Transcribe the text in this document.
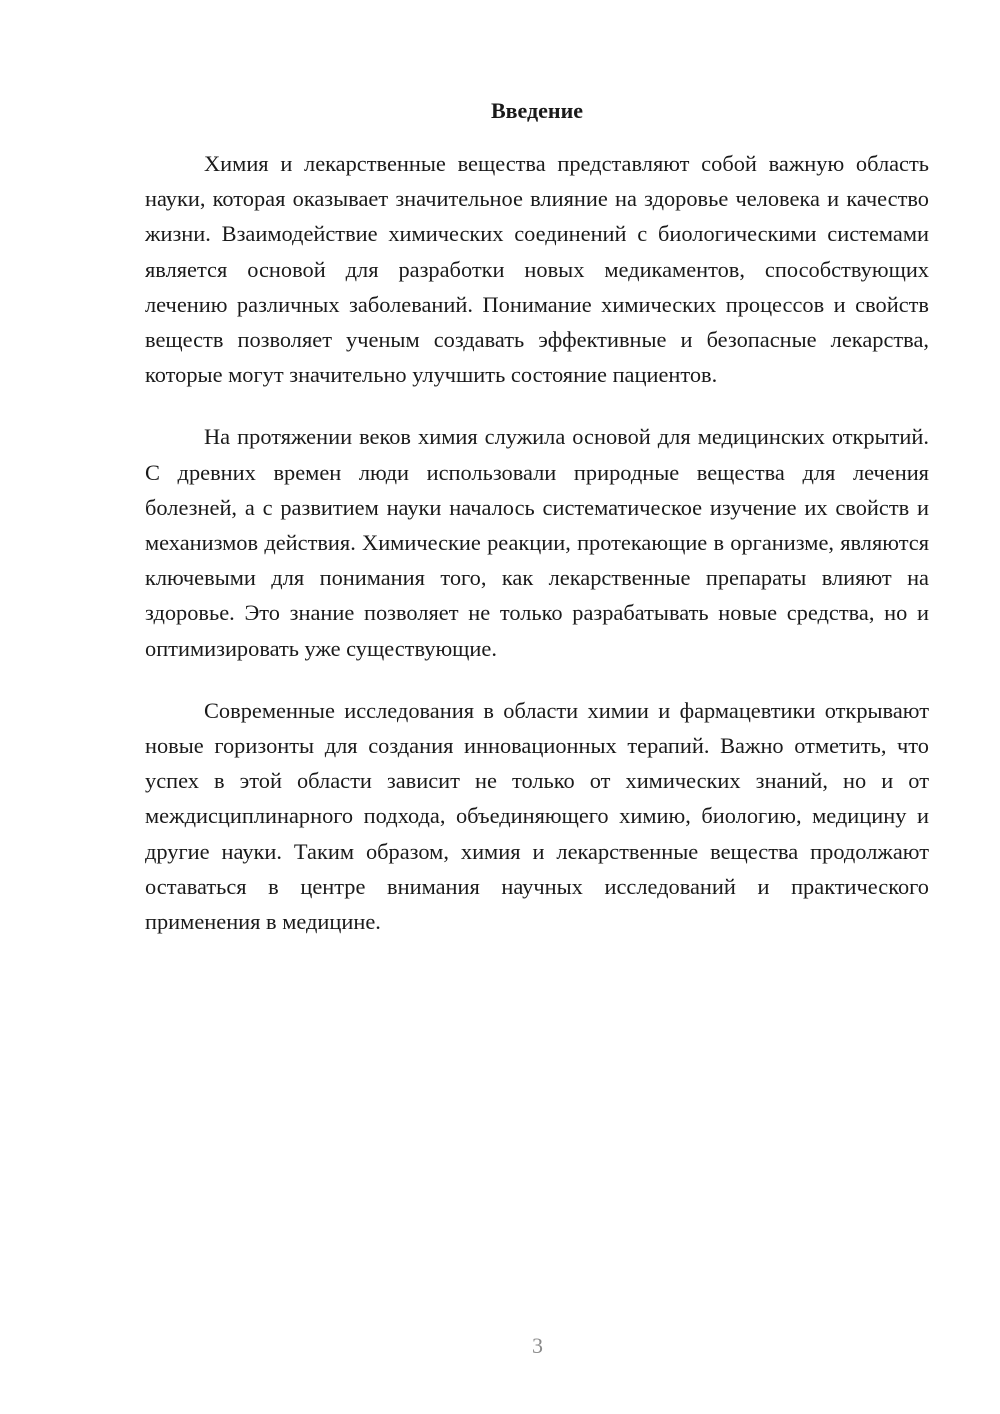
Введение

Химия и лекарственные вещества представляют собой важную область науки, которая оказывает значительное влияние на здоровье человека и качество жизни. Взаимодействие химических соединений с биологическими системами является основой для разработки новых медикаментов, способствующих лечению различных заболеваний. Понимание химических процессов и свойств веществ позволяет ученым создавать эффективные и безопасные лекарства, которые могут значительно улучшить состояние пациентов.

На протяжении веков химия служила основой для медицинских открытий. С древних времен люди использовали природные вещества для лечения болезней, а с развитием науки началось систематическое изучение их свойств и механизмов действия. Химические реакции, протекающие в организме, являются ключевыми для понимания того, как лекарственные препараты влияют на здоровье. Это знание позволяет не только разрабатывать новые средства, но и оптимизировать уже существующие.

Современные исследования в области химии и фармацевтики открывают новые горизонты для создания инновационных терапий. Важно отметить, что успех в этой области зависит не только от химических знаний, но и от междисциплинарного подхода, объединяющего химию, биологию, медицину и другие науки. Таким образом, химия и лекарственные вещества продолжают оставаться в центре внимания научных исследований и практического применения в медицине.

3
